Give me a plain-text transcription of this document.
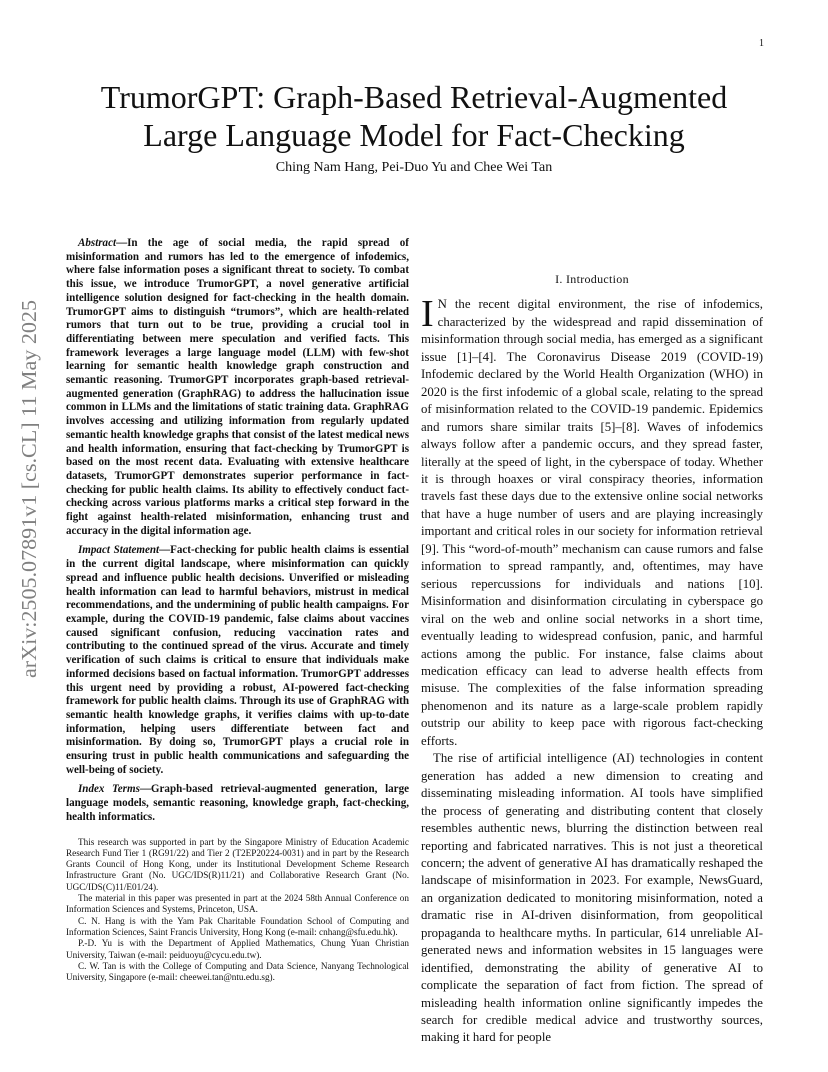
1
arXiv:2505.07891v1 [cs.CL] 11 May 2025
TrumorGPT: Graph-Based Retrieval-Augmented
Large Language Model for Fact-Checking

Ching Nam Hang, Pei-Duo Yu and Chee Wei Tan

Abstract—In the age of social media, the rapid spread of misinformation and rumors has led to the emergence of infodemics, where false information poses a significant threat to society. To combat this issue, we introduce TrumorGPT, a novel generative artificial intelligence solution designed for fact-checking in the health domain. TrumorGPT aims to distinguish “trumors”, which are health-related rumors that turn out to be true, providing a crucial tool in differentiating between mere speculation and verified facts. This framework leverages a large language model (LLM) with few-shot learning for semantic health knowledge graph construction and semantic reasoning. TrumorGPT incorporates graph-based retrieval-augmented generation (GraphRAG) to address the hallucination issue common in LLMs and the limitations of static training data. GraphRAG involves accessing and utilizing information from regularly updated semantic health knowledge graphs that consist of the latest medical news and health information, ensuring that fact-checking by TrumorGPT is based on the most recent data. Evaluating with extensive healthcare datasets, TrumorGPT demonstrates superior performance in fact-checking for public health claims. Its ability to effectively conduct fact-checking across various platforms marks a critical step forward in the fight against health-related misinformation, enhancing trust and accuracy in the digital information age.

Impact Statement—Fact-checking for public health claims is essential in the current digital landscape, where misinformation can quickly spread and influence public health decisions. Unverified or misleading health information can lead to harmful behaviors, mistrust in medical recommendations, and the undermining of public health campaigns. For example, during the COVID-19 pandemic, false claims about vaccines caused significant confusion, reducing vaccination rates and contributing to the continued spread of the virus. Accurate and timely verification of such claims is critical to ensure that individuals make informed decisions based on factual information. TrumorGPT addresses this urgent need by providing a robust, AI-powered fact-checking framework for public health claims. Through its use of GraphRAG with semantic health knowledge graphs, it verifies claims with up-to-date information, helping users differentiate between fact and misinformation. By doing so, TrumorGPT plays a crucial role in ensuring trust in public health communications and safeguarding the well-being of society.

Index Terms—Graph-based retrieval-augmented generation, large language models, semantic reasoning, knowledge graph, fact-checking, health informatics.

This research was supported in part by the Singapore Ministry of Education Academic Research Fund Tier 1 (RG91/22) and Tier 2 (T2EP20224-0031) and in part by the Research Grants Council of Hong Kong, under its Institutional Development Scheme Research Infrastructure Grant (No. UGC/IDS(R)11/21) and Collaborative Research Grant (No. UGC/IDS(C)11/E01/24).

The material in this paper was presented in part at the 2024 58th Annual Conference on Information Sciences and Systems, Princeton, USA.

C. N. Hang is with the Yam Pak Charitable Foundation School of Computing and Information Sciences, Saint Francis University, Hong Kong (e-mail: cnhang@sfu.edu.hk).

P.-D. Yu is with the Department of Applied Mathematics, Chung Yuan Christian University, Taiwan (e-mail: peiduoyu@cycu.edu.tw).

C. W. Tan is with the College of Computing and Data Science, Nanyang Technological University, Singapore (e-mail: cheewei.tan@ntu.edu.sg).

I. Introduction

I N the recent digital environment, the rise of infodemics, characterized by the widespread and rapid dissemination of misinformation through social media, has emerged as a significant issue [1]–[4]. The Coronavirus Disease 2019 (COVID-19) Infodemic declared by the World Health Organization (WHO) in 2020 is the first infodemic of a global scale, relating to the spread of misinformation related to the COVID-19 pandemic. Epidemics and rumors share similar traits [5]–[8]. Waves of infodemics always follow after a pandemic occurs, and they spread faster, literally at the speed of light, in the cyberspace of today. Whether it is through hoaxes or viral conspiracy theories, information travels fast these days due to the extensive online social networks that have a huge number of users and are playing increasingly important and critical roles in our society for information retrieval [9]. This “word-of-mouth” mechanism can cause rumors and false information to spread rampantly, and, oftentimes, may have serious repercussions for individuals and nations [10]. Misinformation and disinformation circulating in cyberspace go viral on the web and online social networks in a short time, eventually leading to widespread confusion, panic, and harmful actions among the public. For instance, false claims about medication efficacy can lead to adverse health effects from misuse. The complexities of the false information spreading phenomenon and its nature as a large-scale problem rapidly outstrip our ability to keep pace with rigorous fact-checking efforts.

The rise of artificial intelligence (AI) technologies in content generation has added a new dimension to creating and disseminating misleading information. AI tools have simplified the process of generating and distributing content that closely resembles authentic news, blurring the distinction between real reporting and fabricated narratives. This is not just a theoretical concern; the advent of generative AI has dramatically reshaped the landscape of misinformation in 2023. For example, NewsGuard, an organization dedicated to monitoring misinformation, noted a dramatic rise in AI-driven disinformation, from geopolitical propaganda to healthcare myths. In particular, 614 unreliable AI-generated news and information websites in 15 languages were identified, demonstrating the ability of generative AI to complicate the separation of fact from fiction. The spread of misleading health information online significantly impedes the search for credible medical advice and trustworthy sources, making it hard for people
